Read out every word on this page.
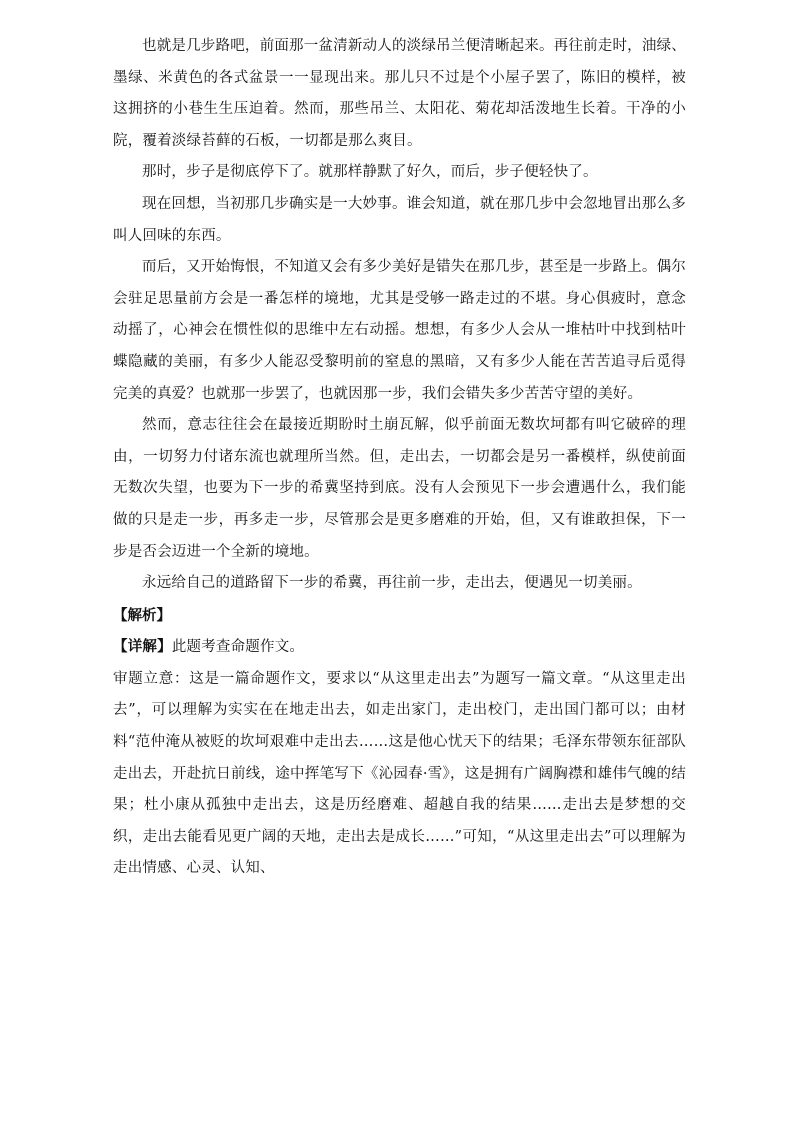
也就是几步路吧，前面那一盆清新动人的淡绿吊兰便清晰起来。再往前走时，油绿、墨绿、米黄色的各式盆景一一显现出来。那儿只不过是个小屋子罢了，陈旧的模样，被这拥挤的小巷生生压迫着。然而，那些吊兰、太阳花、菊花却活泼地生长着。干净的小院，覆着淡绿苔藓的石板，一切都是那么爽目。

那时，步子是彻底停下了。就那样静默了好久，而后，步子便轻快了。

现在回想，当初那几步确实是一大妙事。谁会知道，就在那几步中会忽地冒出那么多叫人回味的东西。

而后，又开始悔恨，不知道又会有多少美好是错失在那几步，甚至是一步路上。偶尔会驻足思量前方会是一番怎样的境地，尤其是受够一路走过的不堪。身心俱疲时，意念动摇了，心神会在惯性似的思维中左右动摇。想想，有多少人会从一堆枯叶中找到枯叶蝶隐藏的美丽，有多少人能忍受黎明前的窒息的黑暗，又有多少人能在苦苦追寻后觅得完美的真爱？也就那一步罢了，也就因那一步，我们会错失多少苦苦守望的美好。

然而，意志往往会在最接近期盼时土崩瓦解，似乎前面无数坎坷都有叫它破碎的理由，一切努力付诸东流也就理所当然。但，走出去，一切都会是另一番模样，纵使前面无数次失望，也要为下一步的希冀坚持到底。没有人会预见下一步会遭遇什么，我们能做的只是走一步，再多走一步，尽管那会是更多磨难的开始，但，又有谁敢担保，下一步是否会迈进一个全新的境地。

永远给自己的道路留下一步的希冀，再往前一步，走出去，便遇见一切美丽。

【解析】

【详解】此题考查命题作文。

审题立意：这是一篇命题作文，要求以“从这里走出去”为题写一篇文章。“从这里走出去”，可以理解为实实在在地走出去，如走出家门，走出校门，走出国门都可以；由材料“范仲淹从被贬的坎坷艰难中走出去……这是他心忧天下的结果；毛泽东带领东征部队走出去，开赴抗日前线，途中挥笔写下《沁园春·雪》，这是拥有广阔胸襟和雄伟气魄的结果；杜小康从孤独中走出去，这是历经磨难、超越自我的结果……走出去是梦想的交织，走出去能看见更广阔的天地，走出去是成长……”可知，“从这里走出去”可以理解为走出情感、心灵、认知、
